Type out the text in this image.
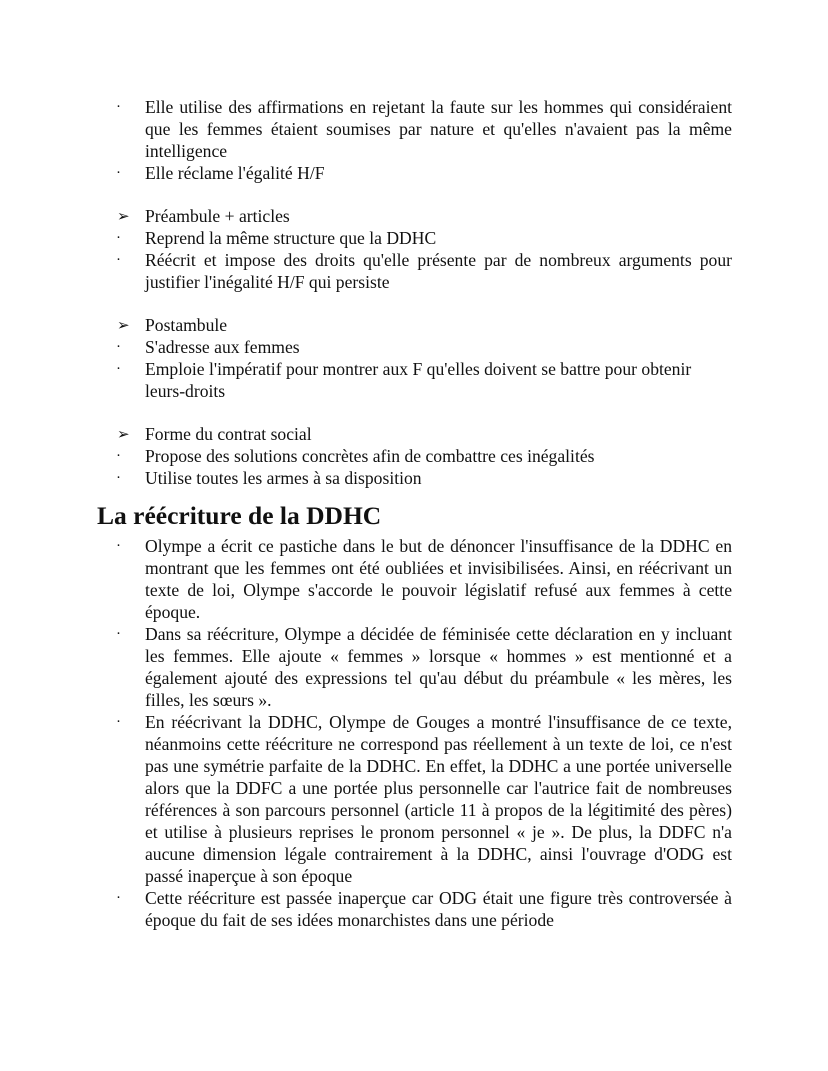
·	Elle utilise des affirmations en rejetant la faute sur les hommes qui considéraient que les femmes étaient soumises par nature et qu'elles n'avaient pas la même intelligence
·	Elle réclame l'égalité H/F
➢ Préambule + articles
·	Reprend la même structure que la DDHC
·	Réécrit et impose des droits qu'elle présente par de nombreux arguments pour justifier l'inégalité H/F qui persiste
➢ Postambule
·	S'adresse aux femmes
·	Emploie l'impératif pour montrer aux F qu'elles doivent se battre pour obtenir leurs-droits
➢ Forme du contrat social
·	Propose des solutions concrètes afin de combattre ces inégalités
·	Utilise toutes les armes à sa disposition
La réécriture de la DDHC
·	Olympe a écrit ce pastiche dans le but de dénoncer l'insuffisance de la DDHC en montrant que les femmes ont été oubliées et invisibilisées. Ainsi, en réécrivant un texte de loi, Olympe s'accorde le pouvoir législatif refusé aux femmes à cette époque.
·	Dans sa réécriture, Olympe a décidée de féminisée cette déclaration en y incluant les femmes. Elle ajoute « femmes » lorsque « hommes » est mentionné et a également ajouté des expressions tel qu'au début du préambule « les mères, les filles, les sœurs ».
·	En réécrivant la DDHC, Olympe de Gouges a montré l'insuffisance de ce texte, néanmoins cette réécriture ne correspond pas réellement à un texte de loi, ce n'est pas une symétrie parfaite de la DDHC. En effet, la DDHC a une portée universelle alors que la DDFC a une portée plus personnelle car l'autrice fait de nombreuses références à son parcours personnel (article 11 à propos de la légitimité des pères) et utilise à plusieurs reprises le pronom personnel « je ». De plus, la DDFC n'a aucune dimension légale contrairement à la DDHC, ainsi l'ouvrage d'ODG est passé inaperçue à son époque
·	Cette réécriture est passée inaperçue car ODG était une figure très controversée à époque du fait de ses idées monarchistes dans une période
